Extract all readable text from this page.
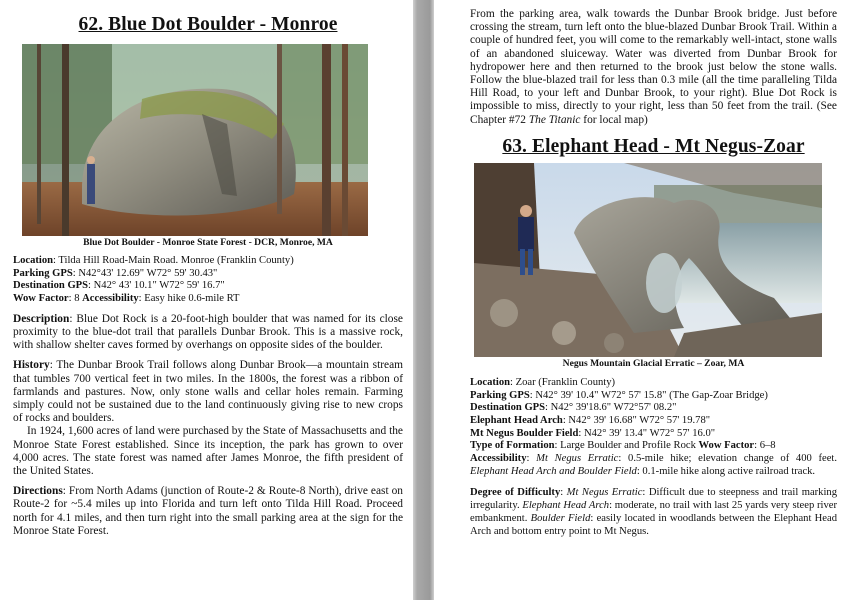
62. Blue Dot Boulder - Monroe
Blue Dot Boulder - Monroe State Forest - DCR, Monroe, MA

Location: Tilda Hill Road-Main Road. Monroe (Franklin County)

Parking GPS: N42°43' 12.69" W72° 59' 30.43"

Destination GPS: N42° 43' 10.1" W72° 59' 16.7"

Wow Factor: 8 Accessibility: Easy hike 0.6-mile RT

Description: Blue Dot Rock is a 20-foot-high boulder that was named for its close proximity to the blue-dot trail that parallels Dunbar Brook. This is a massive rock, with shallow shelter caves formed by overhangs on opposite sides of the boulder.

History: The Dunbar Brook Trail follows along Dunbar Brook—a mountain stream that tumbles 700 vertical feet in two miles. In the 1800s, the forest was a ribbon of farmlands and pastures. Now, only stone walls and cellar holes remain. Farming simply could not be sustained due to the land continuously giving rise to new crops of rocks and boulders.

In 1924, 1,600 acres of land were purchased by the State of Massachusetts and the Monroe State Forest established. Since its inception, the park has grown to over 4,000 acres. The state forest was named after James Monroe, the fifth president of the United States.

Directions: From North Adams (junction of Route-2 & Route-8 North), drive east on Route-2 for ~5.4 miles up into Florida and turn left onto Tilda Hill Road. Proceed north for 4.1 miles, and then turn right into the small parking area at the sign for the Monroe State Forest.

From the parking area, walk towards the Dunbar Brook bridge. Just before crossing the stream, turn left onto the blue-blazed Dunbar Brook Trail. Within a couple of hundred feet, you will come to the remarkably well-intact, stone walls of an abandoned sluiceway. Water was diverted from Dunbar Brook for hydropower here and then returned to the brook just below the stone walls. Follow the blue-blazed trail for less than 0.3 mile (all the time paralleling Tilda Hill Road, to your left and Dunbar Brook, to your right). Blue Dot Rock is impossible to miss, directly to your right, less than 50 feet from the trail. (See Chapter #72 The Titanic for local map)

63. Elephant Head - Mt Negus-Zoar
Negus Mountain Glacial Erratic – Zoar, MA

Location: Zoar (Franklin County)

Parking GPS: N42° 39' 10.4" W72° 57' 15.8" (The Gap-Zoar Bridge)

Destination GPS: N42° 39'18.6" W72°57' 08.2"

Elephant Head Arch: N42° 39' 16.68" W72° 57' 19.78"

Mt Negus Boulder Field: N42° 39' 13.4" W72° 57' 16.0"

Type of Formation: Large Boulder and Profile Rock Wow Factor: 6–8

Accessibility: Mt Negus Erratic: 0.5-mile hike; elevation change of 400 feet. Elephant Head Arch and Boulder Field: 0.1-mile hike along active railroad track.

Degree of Difficulty: Mt Negus Erratic: Difficult due to steepness and trail marking irregularity. Elephant Head Arch: moderate, no trail with last 25 yards very steep river embankment. Boulder Field: easily located in woodlands between the Elephant Head Arch and bottom entry point to Mt Negus.
